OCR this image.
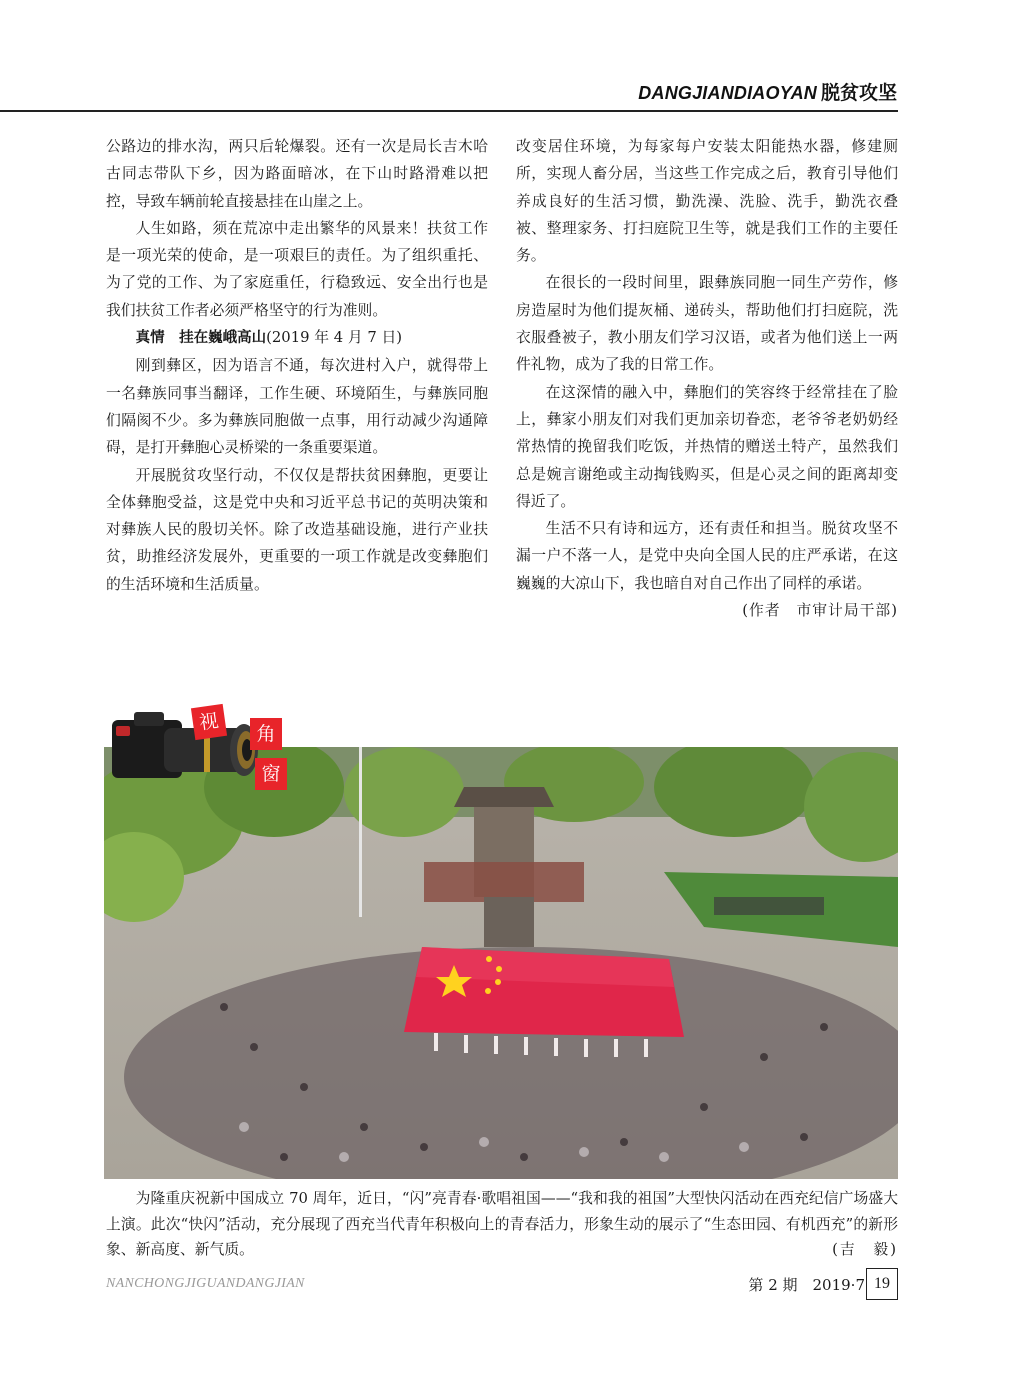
DANGJIANDIAOYAN 脱贫攻坚

公路边的排水沟，两只后轮爆裂。还有一次是局长吉木哈古同志带队下乡，因为路面暗冰，在下山时路滑难以把控，导致车辆前轮直接悬挂在山崖之上。

人生如路，须在荒凉中走出繁华的风景来！扶贫工作是一项光荣的使命，是一项艰巨的责任。为了组织重托、为了党的工作、为了家庭重任，行稳致远、安全出行也是我们扶贫工作者必须严格坚守的行为准则。

真情　挂在巍峨高山(2019 年 4 月 7 日)

刚到彝区，因为语言不通，每次进村入户，就得带上一名彝族同事当翻译，工作生硬、环境陌生，与彝族同胞们隔阂不少。多为彝族同胞做一点事，用行动减少沟通障碍，是打开彝胞心灵桥梁的一条重要渠道。

开展脱贫攻坚行动，不仅仅是帮扶贫困彝胞，更要让全体彝胞受益，这是党中央和习近平总书记的英明决策和对彝族人民的殷切关怀。除了改造基础设施，进行产业扶贫，助推经济发展外，更重要的一项工作就是改变彝胞们的生活环境和生活质量。

改变居住环境，为每家每户安装太阳能热水器，修建厕所，实现人畜分居，当这些工作完成之后，教育引导他们养成良好的生活习惯，勤洗澡、洗脸、洗手，勤洗衣叠被、整理家务、打扫庭院卫生等，就是我们工作的主要任务。

在很长的一段时间里，跟彝族同胞一同生产劳作，修房造屋时为他们提灰桶、递砖头，帮助他们打扫庭院，洗衣服叠被子，教小朋友们学习汉语，或者为他们送上一两件礼物，成为了我的日常工作。

在这深情的融入中，彝胞们的笑容终于经常挂在了脸上，彝家小朋友们对我们更加亲切眷恋，老爷爷老奶奶经常热情的挽留我们吃饭，并热情的赠送土特产，虽然我们总是婉言谢绝或主动掏钱购买，但是心灵之间的距离却变得近了。

生活不只有诗和远方，还有责任和担当。脱贫攻坚不漏一户不落一人，是党中央向全国人民的庄严承诺，在这巍巍的大凉山下，我也暗自对自己作出了同样的承诺。

(作者　市审计局干部)

视	角
窗

为隆重庆祝新中国成立 70 周年，近日，“闪”亮青春·歌唱祖国——“我和我的祖国”大型快闪活动在西充纪信广场盛大上演。此次“快闪”活动，充分展现了西充当代青年积极向上的青春活力，形象生动的展示了“生态田园、有机西充”的新形象、新高度、新气质。	(吉　毅)

NANCHONGJIGUANDANGJIAN	第 2 期　2019·7 19
